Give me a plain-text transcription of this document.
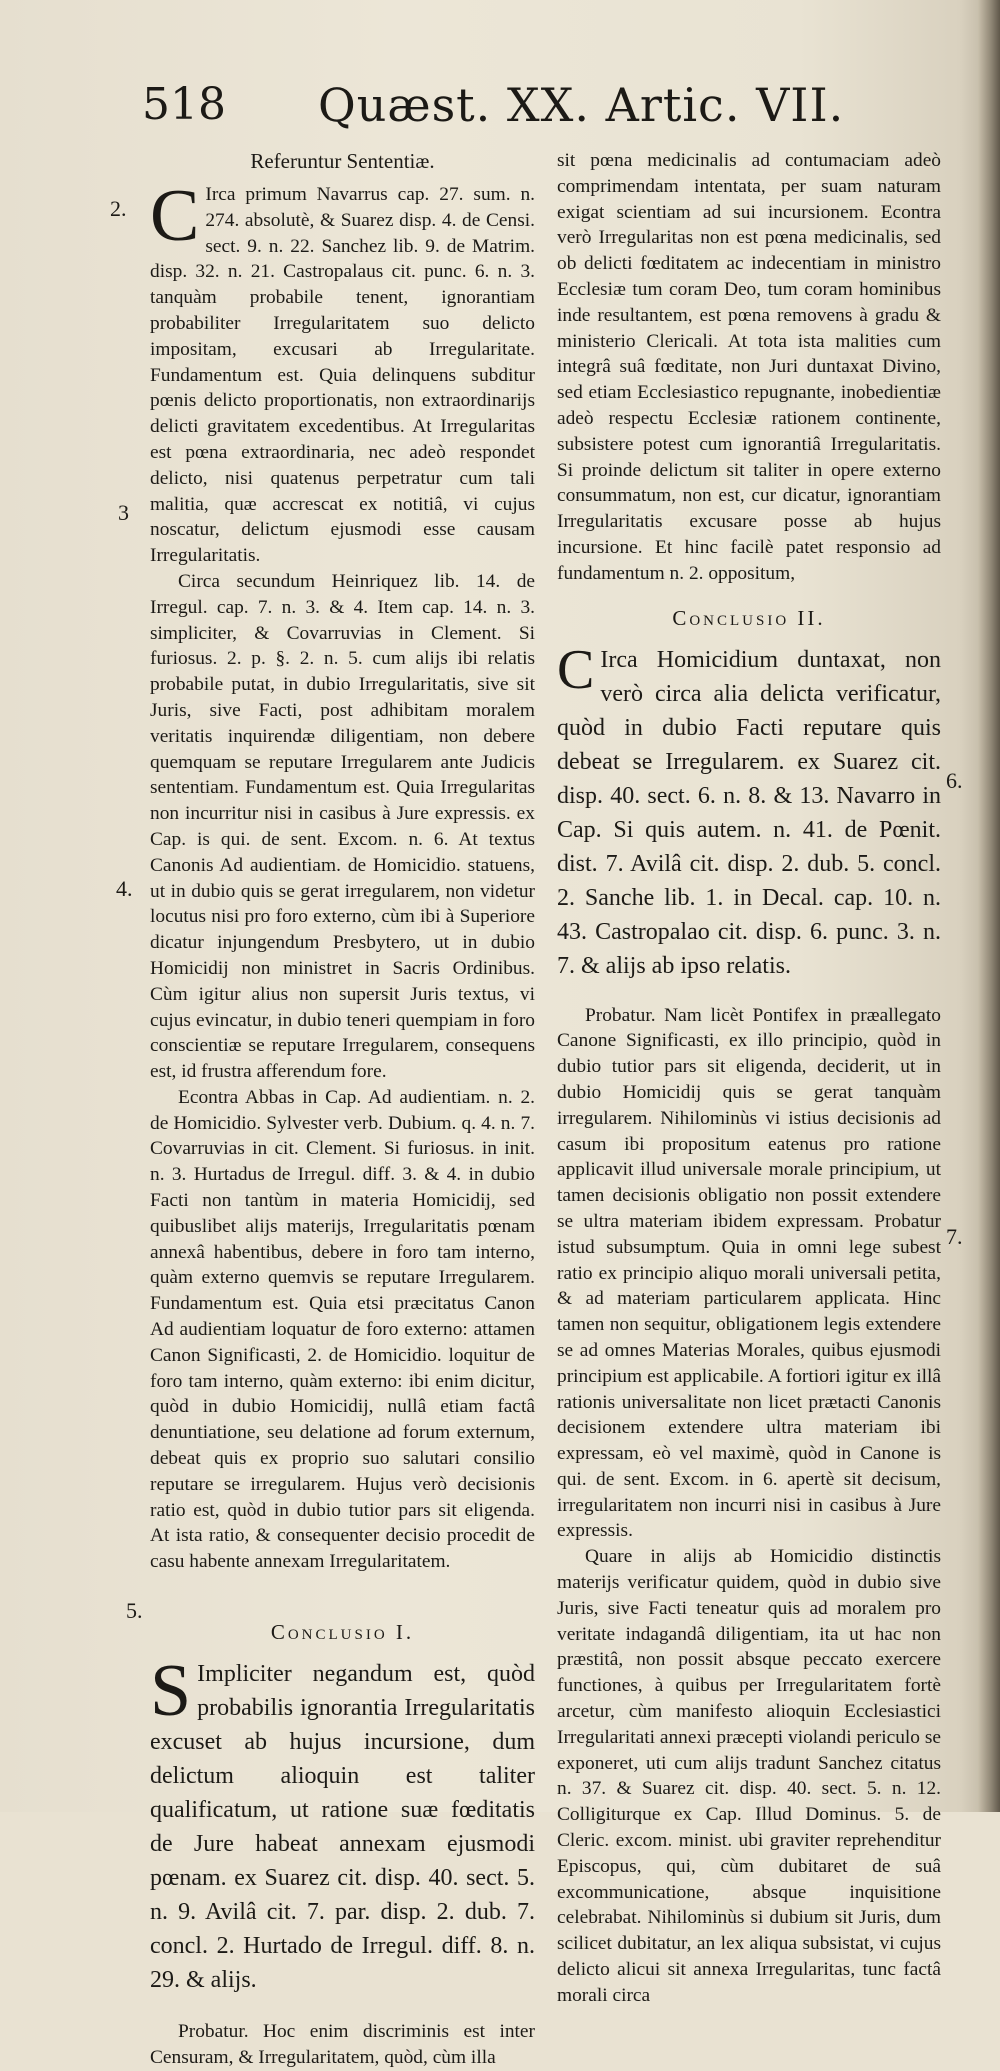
518 Quæst. XX. Artic. VII.
2.
3
4.
5.
6.
7.
Referuntur Sententiæ.

C Irca primum Navarrus cap. 27. sum. n. 274. absolutè, & Suarez disp. 4. de Censi. sect. 9. n. 22. Sanchez lib. 9. de Matrim. disp. 32. n. 21. Castropalaus cit. punc. 6. n. 3. tanquàm probabile tenent, ignorantiam probabiliter Irregularitatem suo delicto impositam, excusari ab Irregularitate. Fundamentum est. Quia delinquens subditur pœnis delicto proportionatis, non extraordinarijs delicti gravitatem excedentibus. At Irregularitas est pœna extraordinaria, nec adeò respondet delicto, nisi quatenus perpetratur cum tali malitia, quæ accrescat ex notitiâ, vi cujus noscatur, delictum ejusmodi esse causam Irregularitatis.

Circa secundum Heinriquez lib. 14. de Irregul. cap. 7. n. 3. & 4. Item cap. 14. n. 3. simpliciter, & Covarruvias in Clement. Si furiosus. 2. p. §. 2. n. 5. cum alijs ibi relatis probabile putat, in dubio Irregularitatis, sive sit Juris, sive Facti, post adhibitam moralem veritatis inquirendæ diligentiam, non debere quemquam se reputare Irregularem ante Judicis sententiam. Fundamentum est. Quia Irregularitas non incurritur nisi in casibus à Jure expressis. ex Cap. is qui. de sent. Excom. n. 6. At textus Canonis Ad audientiam. de Homicidio. statuens, ut in dubio quis se gerat irregularem, non videtur locutus nisi pro foro externo, cùm ibi à Superiore dicatur injungendum Presbytero, ut in dubio Homicidij non ministret in Sacris Ordinibus. Cùm igitur alius non supersit Juris textus, vi cujus evincatur, in dubio teneri quempiam in foro conscientiæ se reputare Irregularem, consequens est, id frustra afferendum fore.

Econtra Abbas in Cap. Ad audientiam. n. 2. de Homicidio. Sylvester verb. Dubium. q. 4. n. 7. Covarruvias in cit. Clement. Si furiosus. in init. n. 3. Hurtadus de Irregul. diff. 3. & 4. in dubio Facti non tantùm in materia Homicidij, sed quibuslibet alijs materijs, Irregularitatis pœnam annexâ habentibus, debere in foro tam interno, quàm externo quemvis se reputare Irregularem. Fundamentum est. Quia etsi præcitatus Canon Ad audientiam loquatur de foro externo: attamen Canon Significasti, 2. de Homicidio. loquitur de foro tam interno, quàm externo: ibi enim dicitur, quòd in dubio Homicidij, nullâ etiam factâ denuntiatione, seu delatione ad forum externum, debeat quis ex proprio suo salutari consilio reputare se irregularem. Hujus verò decisionis ratio est, quòd in dubio tutior pars sit eligenda. At ista ratio, & consequenter decisio procedit de casu habente annexam Irregularitatem.

Conclusio I.

S Impliciter negandum est, quòd probabilis ignorantia Irregularitatis excuset ab hujus incursione, dum delictum alioquin est taliter qualificatum, ut ratione suæ fœditatis de Jure habeat annexam ejusmodi pœnam. ex Suarez cit. disp. 40. sect. 5. n. 9. Avilâ cit. 7. par. disp. 2. dub. 7. concl. 2. Hurtado de Irregul. diff. 8. n. 29. & alijs.

Probatur. Hoc enim discriminis est inter Censuram, & Irregularitatem, quòd, cùm illa

sit pœna medicinalis ad contumaciam adeò comprimendam intentata, per suam naturam exigat scientiam ad sui incursionem. Econtra verò Irregularitas non est pœna medicinalis, sed ob delicti fœditatem ac indecentiam in ministro Ecclesiæ tum coram Deo, tum coram hominibus inde resultantem, est pœna removens à gradu & ministerio Clericali. At tota ista malities cum integrâ suâ fœditate, non Juri duntaxat Divino, sed etiam Ecclesiastico repugnante, inobedientiæ adeò respectu Ecclesiæ rationem continente, subsistere potest cum ignorantiâ Irregularitatis. Si proinde delictum sit taliter in opere externo consummatum, non est, cur dicatur, ignorantiam Irregularitatis excusare posse ab hujus incursione. Et hinc facilè patet responsio ad fundamentum n. 2. oppositum,

Conclusio II.

C Irca Homicidium duntaxat, non verò circa alia delicta verificatur, quòd in dubio Facti reputare quis debeat se Irregularem. ex Suarez cit. disp. 40. sect. 6. n. 8. & 13. Navarro in Cap. Si quis autem. n. 41. de Pœnit. dist. 7. Avilâ cit. disp. 2. dub. 5. concl. 2. Sanche lib. 1. in Decal. cap. 10. n. 43. Castropalao cit. disp. 6. punc. 3. n. 7. & alijs ab ipso relatis.

Probatur. Nam licèt Pontifex in præallegato Canone Significasti, ex illo principio, quòd in dubio tutior pars sit eligenda, deciderit, ut in dubio Homicidij quis se gerat tanquàm irregularem. Nihilominùs vi istius decisionis ad casum ibi propositum eatenus pro ratione applicavit illud universale morale principium, ut tamen decisionis obligatio non possit extendere se ultra materiam ibidem expressam. Probatur istud subsumptum. Quia in omni lege subest ratio ex principio aliquo morali universali petita, & ad materiam particularem applicata. Hinc tamen non sequitur, obligationem legis extendere se ad omnes Materias Morales, quibus ejusmodi principium est applicabile. A fortiori igitur ex illâ rationis universalitate non licet prætacti Canonis decisionem extendere ultra materiam ibi expressam, eò vel maximè, quòd in Canone is qui. de sent. Excom. in 6. apertè sit decisum, irregularitatem non incurri nisi in casibus à Jure expressis.

Quare in alijs ab Homicidio distinctis materijs verificatur quidem, quòd in dubio sive Juris, sive Facti teneatur quis ad moralem pro veritate indagandâ diligentiam, ita ut hac non præstitâ, non possit absque peccato exercere functiones, à quibus per Irregularitatem fortè arcetur, cùm manifesto alioquin Ecclesiastici Irregularitati annexi præcepti violandi periculo se exponeret, uti cum alijs tradunt Sanchez citatus n. 37. & Suarez cit. disp. 40. sect. 5. n. 12. Colligiturque ex Cap. Illud Dominus. 5. de Cleric. excom. minist. ubi graviter reprehenditur Episcopus, qui, cùm dubitaret de suâ excommunicatione, absque inquisitione celebrabat. Nihilominùs si dubium sit Juris, dum scilicet dubitatur, an lex aliqua subsistat, vi cujus delicto alicui sit annexa Irregularitas, tunc factâ morali circa
